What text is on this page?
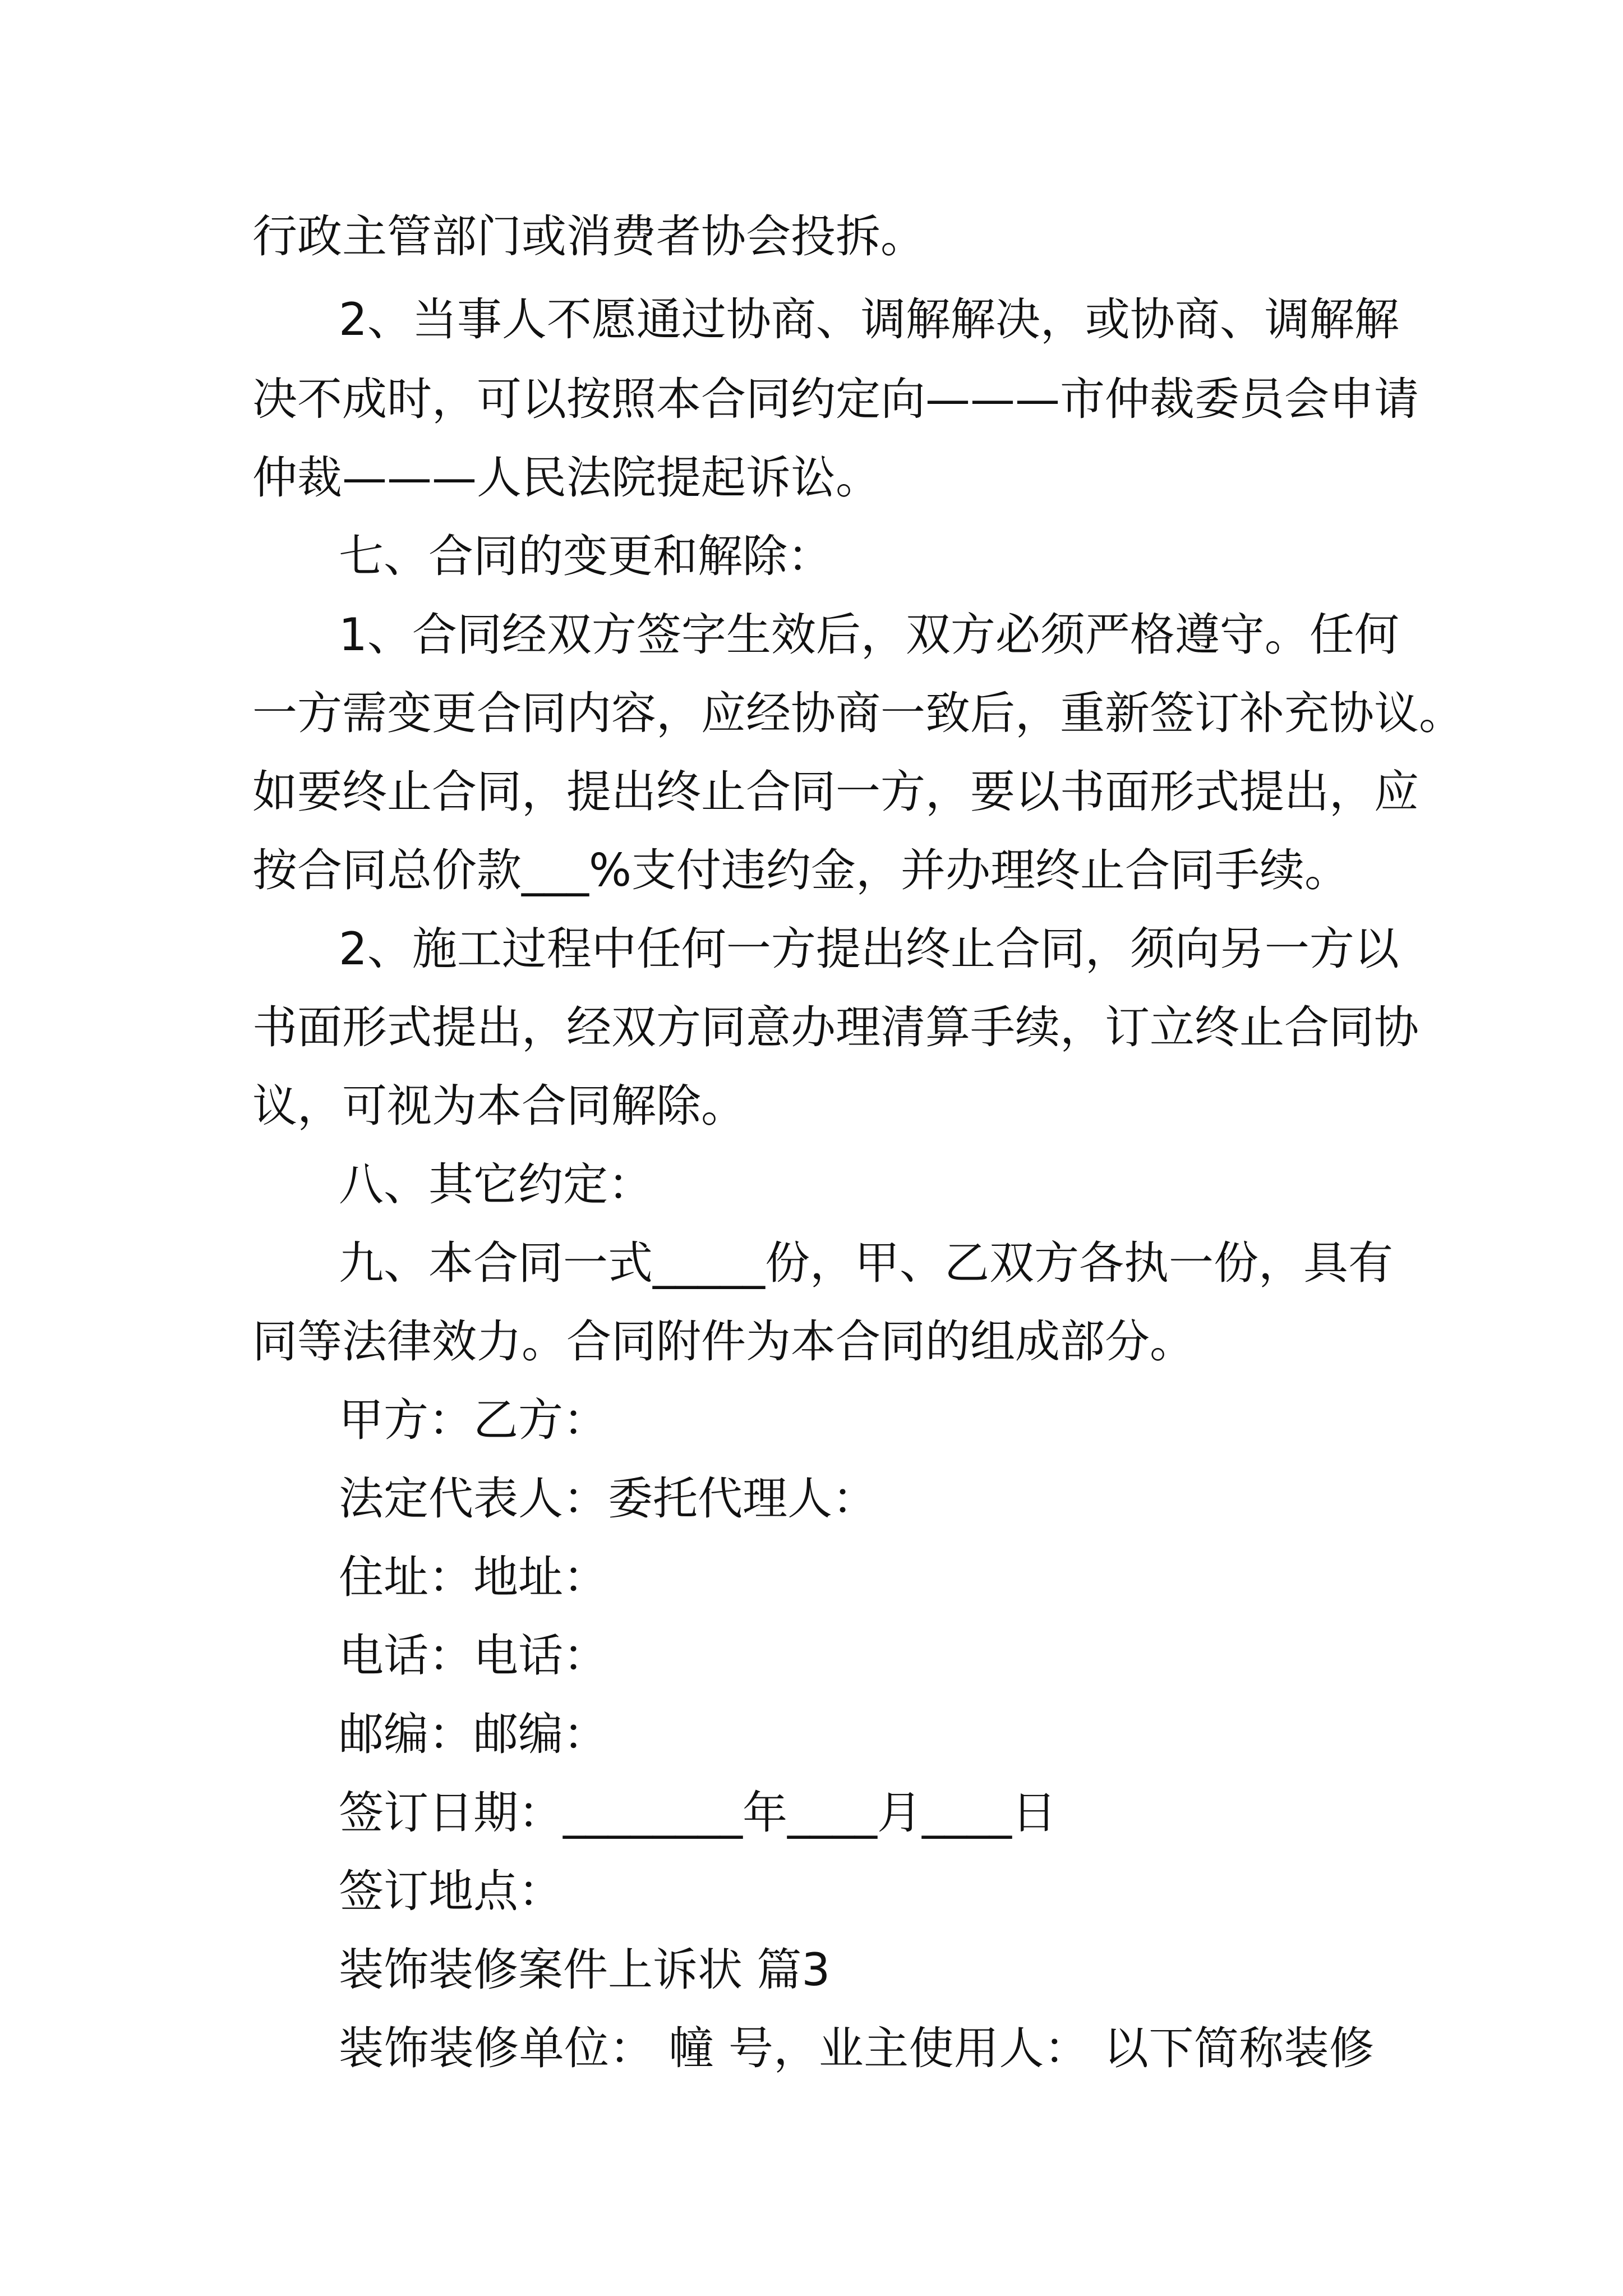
行政主管部门或消费者协会投拆。
2、当事人不愿通过协商、调解解决，或协商、调解解
决不成时，可以按照本合同约定向———市仲裁委员会申请
仲裁———人民法院提起诉讼。
七、合同的变更和解除：
1、合同经双方签字生效后，双方必须严格遵守。任何
一方需变更合同内容，应经协商一致后，重新签订补充协议。
如要终止合同，提出终止合同一方，要以书面形式提出，应
按合同总价款___%支付违约金，并办理终止合同手续。
2、施工过程中任何一方提出终止合同，须向另一方以
书面形式提出，经双方同意办理清算手续，订立终止合同协
议，可视为本合同解除。
八、其它约定：
九、本合同一式_____份，甲、乙双方各执一份，具有
同等法律效力。合同附件为本合同的组成部分。
甲方：乙方：
法定代表人：委托代理人：
住址：地址：
电话：电话：
邮编：邮编：
签订日期：________年____月____日
签订地点：
装饰装修案件上诉状 篇3
装饰装修单位： 幢 号，业主使用人： 以下简称装修
